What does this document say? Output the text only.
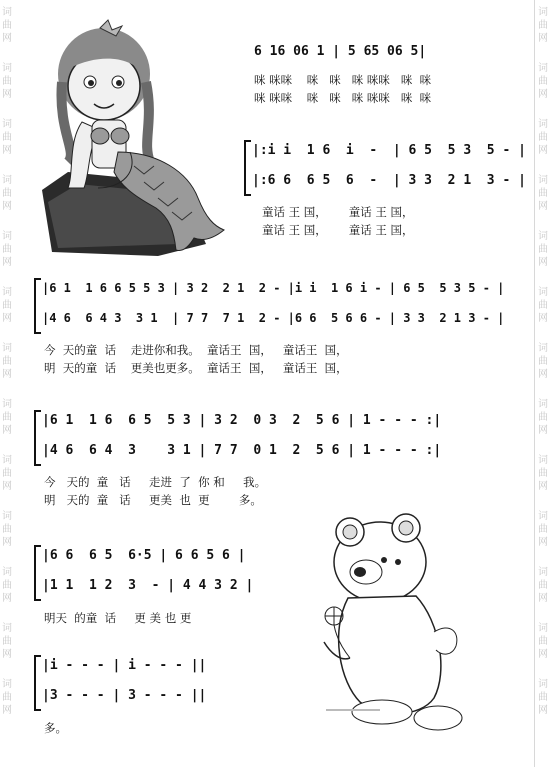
词
曲
网
词
曲
网
词
曲
网
词
曲
网
词
曲
网
词
曲
网
词
曲
网
词
曲
网
词
曲
网
词
曲
网
词
曲
网
词
曲
网
词
曲
网
词
曲
网
词
曲
网
词
曲
网
词
曲
网
词
曲
网
词
曲
网
词
曲
网
词
曲
网
词
曲
网
词
曲
网
词
曲
网
词
曲
网
词
曲
网
6 16 06 1 | 5 65 06 5|
咪 咪咪    咪   咪   咪 咪咪   咪  咪
咪 咪咪    咪   咪   咪 咪咪   咪  咪
|:i i  1 6  i  -  | 6 5  5 3  5 - |
|:6 6  6 5  6  -  | 3 3  2 1  3 - |
童话 王 国，      童话 王 国，
童话 王 国，      童话 王 国，
|6 1  1 6 6 5 5 3 | 3 2  2 1  2 - |i i  1 6 i - | 6 5  5 3 5 - |
|4 6  6 4 3  3 1  | 7 7  7 1  2 - |6 6  5 6 6 - | 3 3  2 1 3 - |
今  天的童  话    走进你和我。  童话王  国，   童话王  国，
明  天的童  话    更美也更多。  童话王  国，   童话王  国，
|6 1  1 6  6 5  5 3 | 3 2  0 3  2  5 6 | 1 - - - :|
|4 6  6 4  3    3 1 | 7 7  0 1  2  5 6 | 1 - - - :|
今   天的  童   话     走进  了  你 和     我。
明   天的  童   话     更美  也  更        多。
|6 6  6 5  6·5 | 6 6 5 6 |
|1 1  1 2  3  - | 4 4 3 2 |
明天  的童  话     更 美 也 更
|i - - - | i - - - ||
|3 - - - | 3 - - - ||
多。
